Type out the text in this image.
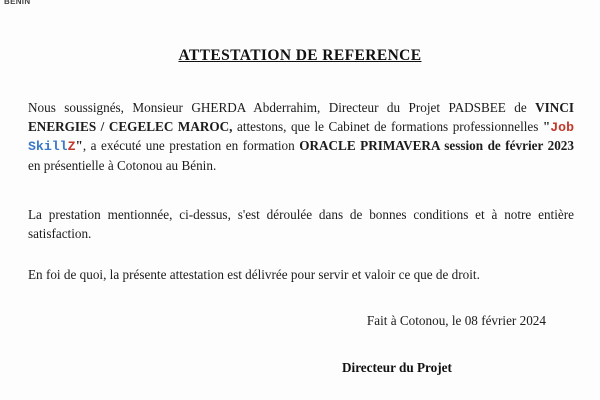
BENIN
ATTESTATION DE REFERENCE
Nous soussignés, Monsieur GHERDA Abderrahim, Directeur du Projet PADSBEE de VINCI ENERGIES / CEGELEC MAROC, attestons, que le Cabinet de formations professionnelles "Job SkillZ", a exécuté une prestation en formation ORACLE PRIMAVERA session de février 2023 en présentielle à Cotonou au Bénin.
La prestation mentionnée, ci-dessus, s'est déroulée dans de bonnes conditions et à notre entière satisfaction.
En foi de quoi, la présente attestation est délivrée pour servir et valoir ce que de droit.
Fait à Cotonou, le 08 février 2024
Directeur du Projet
